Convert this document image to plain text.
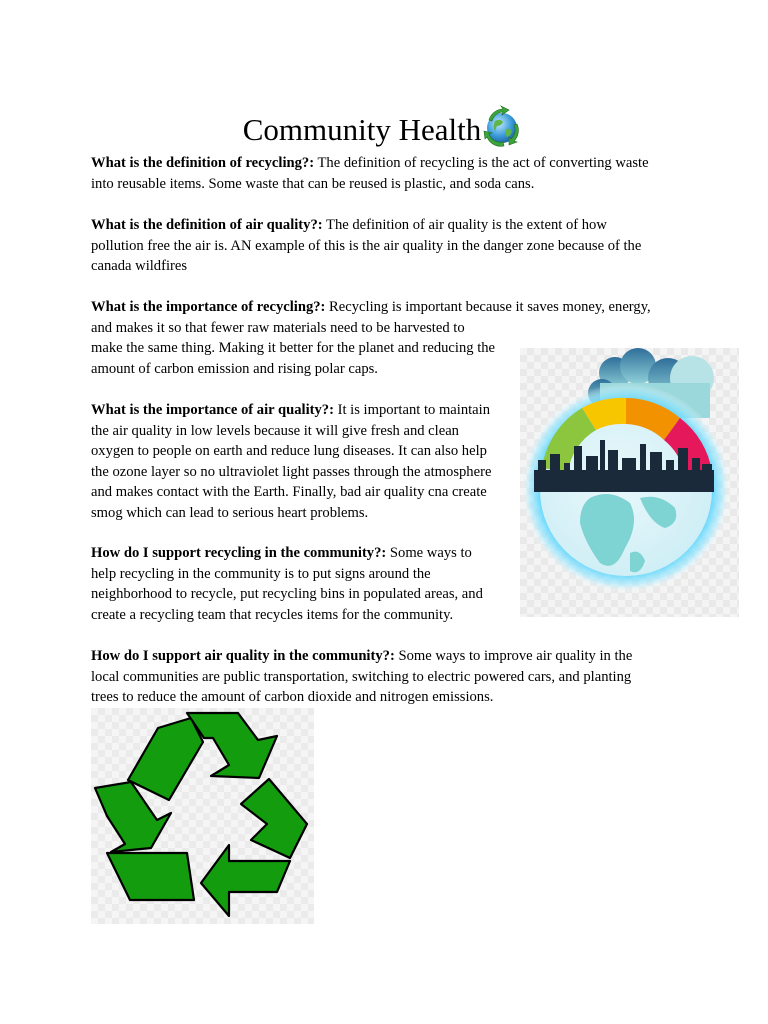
Community Health

What is the definition of recycling?: The definition of recycling is the act of converting waste
into reusable items. Some waste that can be reused is plastic, and soda cans.

What is the definition of air quality?: The definition of air quality is the extent of how
pollution free the air is. AN example of this is the air quality in the danger zone because of the
canada wildfires

What is the importance of recycling?: Recycling is important because it saves money, energy,
and makes it so that fewer raw materials need to be harvested to
make the same thing. Making it better for the planet and reducing the
amount of carbon emission and rising polar caps.

What is the importance of air quality?: It is important to maintain
the air quality in low levels because it will give fresh and clean
oxygen to people on earth and reduce lung diseases. It can also help
the ozone layer so no ultraviolet light passes through the atmosphere
and makes contact with the Earth. Finally, bad air quality cna create
smog which can lead to serious heart problems.

How do I support recycling in the community?: Some ways to
help recycling in the community is to put signs around the
neighborhood to recycle, put recycling bins in populated areas, and
create a recycling team that recycles items for the community.

How do I support air quality in the community?: Some ways to improve air quality in the
local communities are public transportation, switching to electric powered cars, and planting
trees to reduce the amount of carbon dioxide and nitrogen emissions.
